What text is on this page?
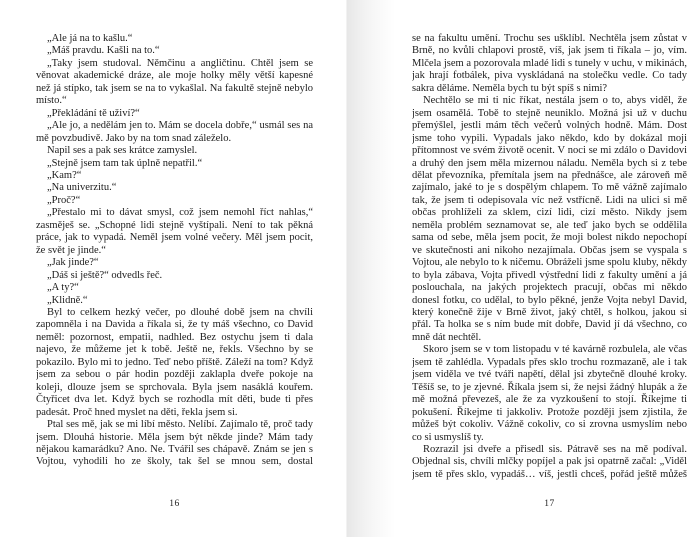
„Ale já na to kašlu.“

„Máš pravdu. Kašli na to.“

„Taky jsem studoval. Němčinu a angličtinu. Chtěl jsem se věnovat akademické dráze, ale moje holky měly větší kapesné než já stípko, tak jsem se na to vykašlal. Na fakultě stejně nebylo místo.“

„Překládání tě uživí?“

„Ale jo, a nedělám jen to. Mám se docela dobře,“ usmál ses na mě povzbudivě. Jako by na tom snad záleželo.

Napil ses a pak ses krátce zamyslel.

„Stejně jsem tam tak úplně nepatřil.“

„Kam?“

„Na univerzitu.“

„Proč?“

„Přestalo mi to dávat smysl, což jsem nemohl říct nahlas,“ zasměješ se. „Schopné lidi stejně vyštípali. Není to tak pěkná práce, jak to vypadá. Neměl jsem volné večery. Měl jsem pocit, že svět je jinde.“

„Jak jinde?“

„Dáš si ještě?“ odvedls řeč.

„A ty?“

„Klidně.“

Byl to celkem hezký večer, po dlouhé době jsem na chvíli zapomněla i na Davida a říkala si, že ty máš všechno, co David neměl: pozornost, empatii, nadhled. Bez ostychu jsem ti dala najevo, že můžeme jet k tobě. Ještě ne, řekls. Všechno by se pokazilo. Bylo mi to jedno. Teď nebo příště. Záleží na tom? Když jsem za sebou o pár hodin později zaklapla dveře pokoje na koleji, dlouze jsem se sprchovala. Byla jsem nasáklá kouřem. Čtyřicet dva let. Když bych se rozhodla mít děti, bude ti přes padesát. Proč hned myslet na děti, řekla jsem si.

Ptal ses mě, jak se mi líbí město. Nelíbí. Zajímalo tě, proč tady jsem. Dlouhá historie. Měla jsem být někde jinde? Mám tady nějakou kamarádku? Ano. Ne. Tvářil ses chápavě. Znám se jen s Vojtou, vyhodili ho ze školy, tak šel se mnou sem, dostal

16

se na fakultu umění. Trochu ses ušklíbl. Nechtěla jsem zůstat v Brně, no kvůli chlapovi prostě, víš, jak jsem ti říkala – jo, vím. Mlčela jsem a pozorovala mladé lidi s tunely v uchu, v mikinách, jak hrají fotbálek, piva vyskládaná na stolečku vedle. Co tady sakra děláme. Neměla bych tu být spíš s nimi?

Nechtělo se mi ti nic říkat, nestála jsem o to, abys viděl, že jsem osamělá. Tobě to stejně neuniklo. Možná jsi už v duchu přemýšlel, jestli mám těch večerů volných hodně. Mám. Dost jsme toho vypili. Vypadals jako někdo, kdo by dokázal moji přítomnost ve svém životě ocenit. V noci se mi zdálo o Davidovi a druhý den jsem měla mizernou náladu. Neměla bych si z tebe dělat převozníka, přemítala jsem na přednášce, ale zároveň mě zajímalo, jaké to je s dospělým chlapem. To mě vážně zajímalo tak, že jsem ti odepisovala víc než vstřícně. Lidi na ulici si mě občas prohlíželi za sklem, cizí lidi, cizí město. Nikdy jsem neměla problém seznamovat se, ale teď jako bych se oddělila sama od sebe, měla jsem pocit, že moji bolest nikdo nepochopí ve skutečnosti ani nikoho nezajímala. Občas jsem se vyspala s Vojtou, ale nebylo to k ničemu. Obráželi jsme spolu kluby, někdy to byla zábava, Vojta přivedl výstřední lidi z fakulty umění a já poslouchala, na jakých projektech pracují, občas mi někdo donesl fotku, co udělal, to bylo pěkné, jenže Vojta nebyl David, který konečně žije v Brně život, jaký chtěl, s holkou, jakou si přál. Ta holka se s ním bude mít dobře, David jí dá všechno, co mně dát nechtěl.

Skoro jsem se v tom listopadu v té kavárně rozbulela, ale včas jsem tě zahlédla. Vypadals přes sklo trochu rozmazaně, ale i tak jsem viděla ve tvé tváři napětí, dělal jsi zbytečně dlouhé kroky. Těšíš se, to je zjevné. Říkala jsem si, že nejsi žádný hlupák a že mě možná převezeš, ale že za vyzkoušení to stojí. Říkejme ti pokušení. Říkejme ti jakkoliv. Protože později jsem zjistila, že můžeš být cokoliv. Vážně cokoliv, co si zrovna usmyslím nebo co si usmyslíš ty.

Rozrazil jsi dveře a přisedl sis. Pátravě ses na mě podíval. Objednal sis, chvíli mlčky popíjel a pak jsi opatrně začal: „Viděl jsem tě přes sklo, vypadáš… víš, jestli chceš, pořád ještě můžeš

17
